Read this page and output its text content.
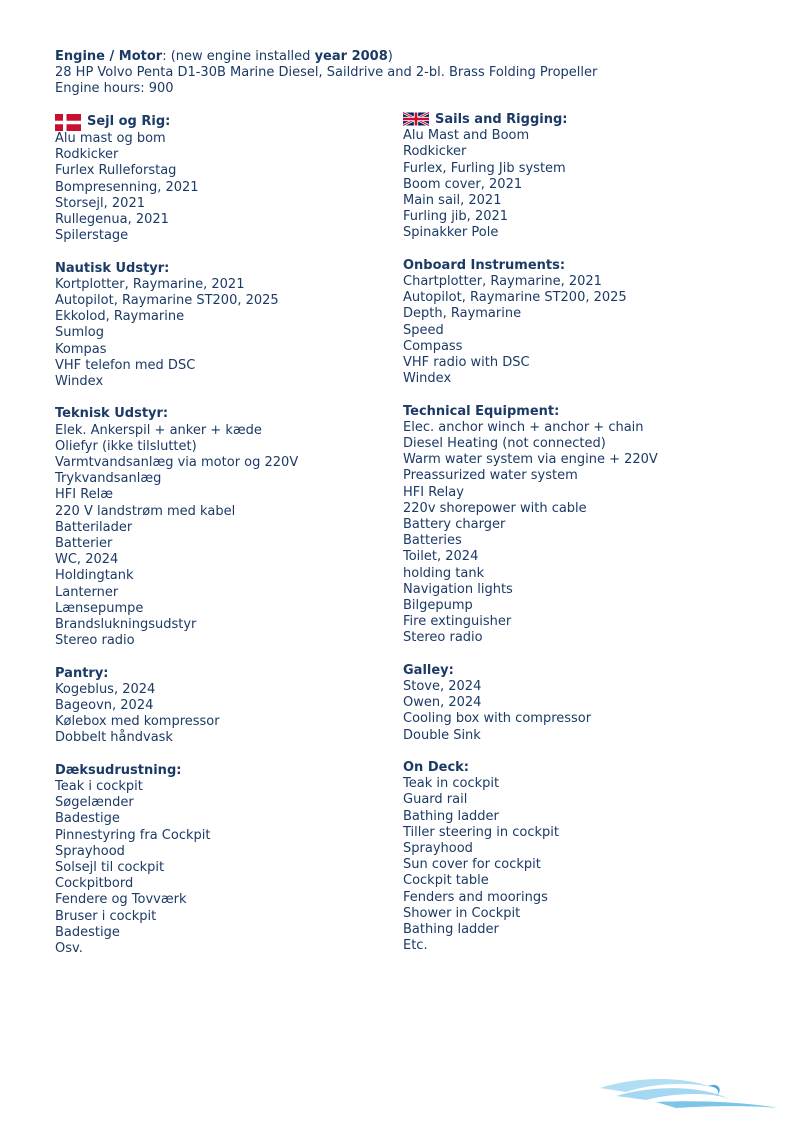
Engine / Motor: (new engine installed year 2008)
28 HP Volvo Penta D1-30B Marine Diesel, Saildrive and 2-bl. Brass Folding Propeller
Engine hours: 900
Sejl og Rig:
Alu mast og bom
Rodkicker
Furlex Rulleforstag
Bompresenning, 2021
Storsejl, 2021
Rullegenua, 2021
Spilerstage
Nautisk Udstyr:
Kortplotter, Raymarine, 2021
Autopilot, Raymarine ST200, 2025
Ekkolod, Raymarine
Sumlog
Kompas
VHF telefon med DSC
Windex
Teknisk Udstyr:
Elek. Ankerspil + anker + kæde
Oliefyr (ikke tilsluttet)
Varmtvandsanlæg via motor og 220V
Trykvandsanlæg
HFI Relæ
220 V landstrøm med kabel
Batterilader
Batterier
WC, 2024
Holdingtank
Lanterner
Lænsepumpe
Brandslukningsudstyr
Stereo radio
Pantry:
Kogeblus, 2024
Bageovn, 2024
Kølebox med kompressor
Dobbelt håndvask
Dæksudrustning:
Teak i cockpit
Søgelænder
Badestige
Pinnestyring fra Cockpit
Sprayhood
Solsejl til cockpit
Cockpitbord
Fendere og Tovværk
Bruser i cockpit
Badestige
Osv.
Sails and Rigging:
Alu Mast and Boom
Rodkicker
Furlex, Furling Jib system
Boom cover, 2021
Main sail, 2021
Furling jib, 2021
Spinakker Pole
Onboard Instruments:
Chartplotter, Raymarine, 2021
Autopilot, Raymarine ST200, 2025
Depth, Raymarine
Speed
Compass
VHF radio with DSC
Windex
Technical Equipment:
Elec. anchor winch + anchor + chain
Diesel Heating (not connected)
Warm water system via engine + 220V
Preassurized water system
HFI Relay
220v shorepower with cable
Battery charger
Batteries
Toilet, 2024
holding tank
Navigation lights
Bilgepump
Fire extinguisher
Stereo radio
Galley:
Stove, 2024
Owen, 2024
Cooling box with compressor
Double Sink
On Deck:
Teak in cockpit
Guard rail
Bathing ladder
Tiller steering in cockpit
Sprayhood
Sun cover for cockpit
Cockpit table
Fenders and moorings
Shower in Cockpit
Bathing ladder
Etc.
